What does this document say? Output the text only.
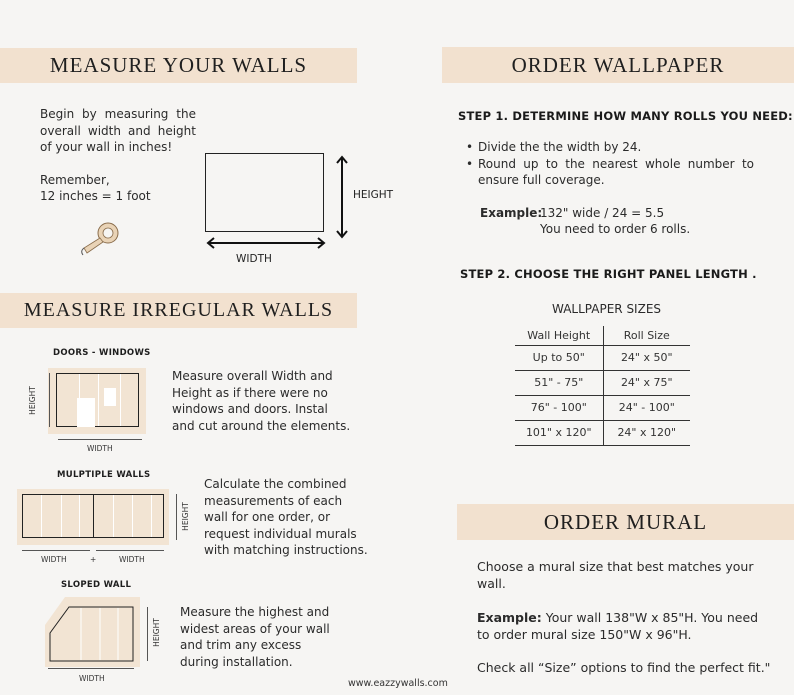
MEASURE YOUR WALLS
Begin by measuring the overall width and height of your wall in inches!
Remember,
12 inches = 1 foot	HEIGHT
WIDTH
MEASURE IRREGULAR WALLS
DOORS - WINDOWS
HEIGHT
WIDTH
Measure overall Width and Height as if there were no windows and doors. Instal and cut around the elements.
MULPTIPLE WALLS
HEIGHT
WIDTH	+	WIDTH
Calculate the combined measurements of each wall for one order, or request individual murals with matching instructions.
SLOPED WALL
HEIGHT
WIDTH
Measure the highest and widest areas of your wall and trim any excess during installation.
www.eazzywalls.com
ORDER WALLPAPER
STEP 1. DETERMINE HOW MANY ROLLS YOU NEED:
• Divide the the width by 24.
• Round up to the nearest whole number to ensure full coverage.
Example:
132" wide / 24 = 5.5
You need to order 6 rolls.
STEP 2. CHOOSE THE RIGHT PANEL LENGTH .
WALLPAPER SIZES
Wall Height	Roll Size
Up to 50"	24" x 50"
51" - 75"	24" x 75"
76" - 100"	24" - 100"
101" x 120"	24" x 120"
ORDER MURAL
Choose a mural size that best matches your wall.
Example: Your wall 138"W x 85"H. You need to order mural size 150"W x 96"H.
Check all “Size” options to find the perfect fit."
